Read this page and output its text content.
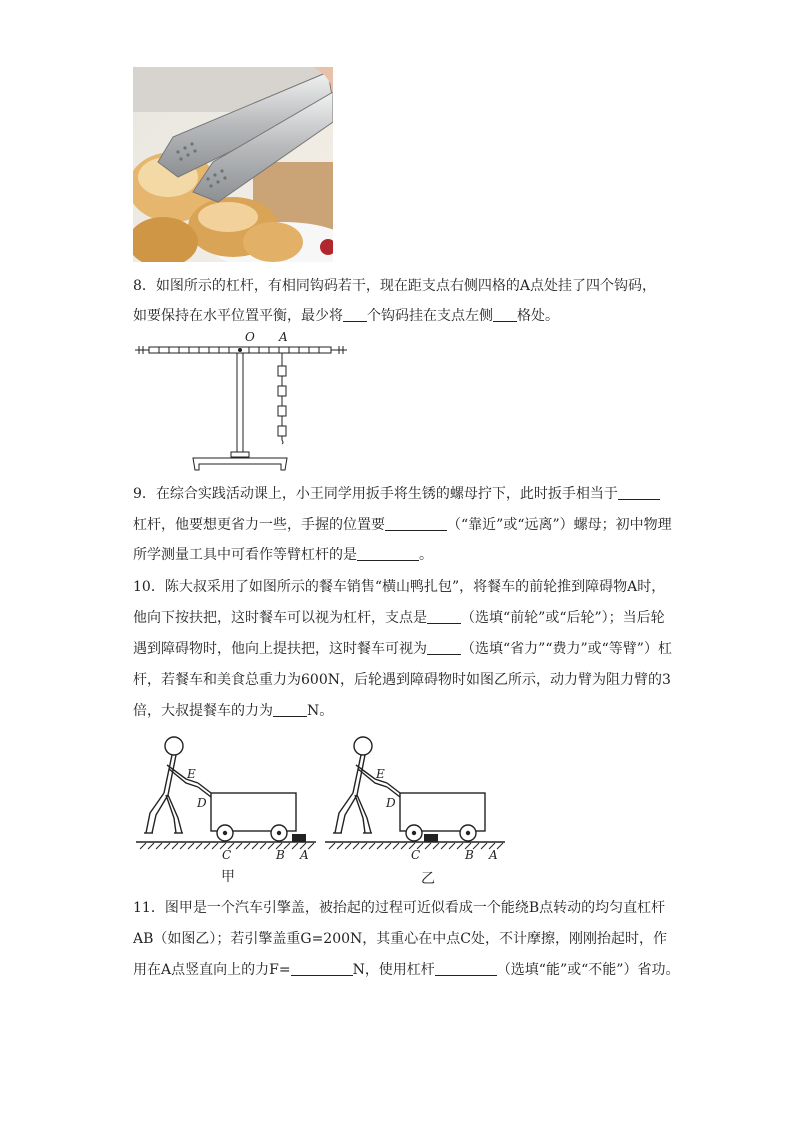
8．如图所示的杠杆，有相同钩码若干，现在距支点右侧四格的A点处挂了四个钩码，
如要保持在水平位置平衡，最少将 个钩码挂在支点左侧 格处。
O A
9．在综合实践活动课上，小王同学用扳手将生锈的螺母拧下，此时扳手相当于
杠杆，他要想更省力一些，手握的位置要	（“靠近”或“远离”）螺母；初中物理
所学测量工具中可看作等臂杠杆的是	。
10．陈大叔采用了如图所示的餐车销售“横山鸭扎包”，将餐车的前轮推到障碍物A时，
他向下按扶把，这时餐车可以视为杠杆，支点是 （选填“前轮”或“后轮”）；当后轮
遇到障碍物时，他向上提扶把，这时餐车可视为 （选填“省力”“费力”或“等臂”）杠
杆，若餐车和美食总重力为600N，后轮遇到障碍物时如图乙所示，动力臂为阻力臂的3
倍，大叔提餐车的力为 N。
E
D
C	B A
甲
E
D
C	B A
乙
11．图甲是一个汽车引擎盖，被抬起的过程可近似看成一个能绕B点转动的均匀直杠杆
AB（如图乙）；若引擎盖重G=200N，其重心在中点C处，不计摩擦，刚刚抬起时，作
用在A点竖直向上的力F=	N，使用杠杆	（选填“能”或“不能”）省功。
